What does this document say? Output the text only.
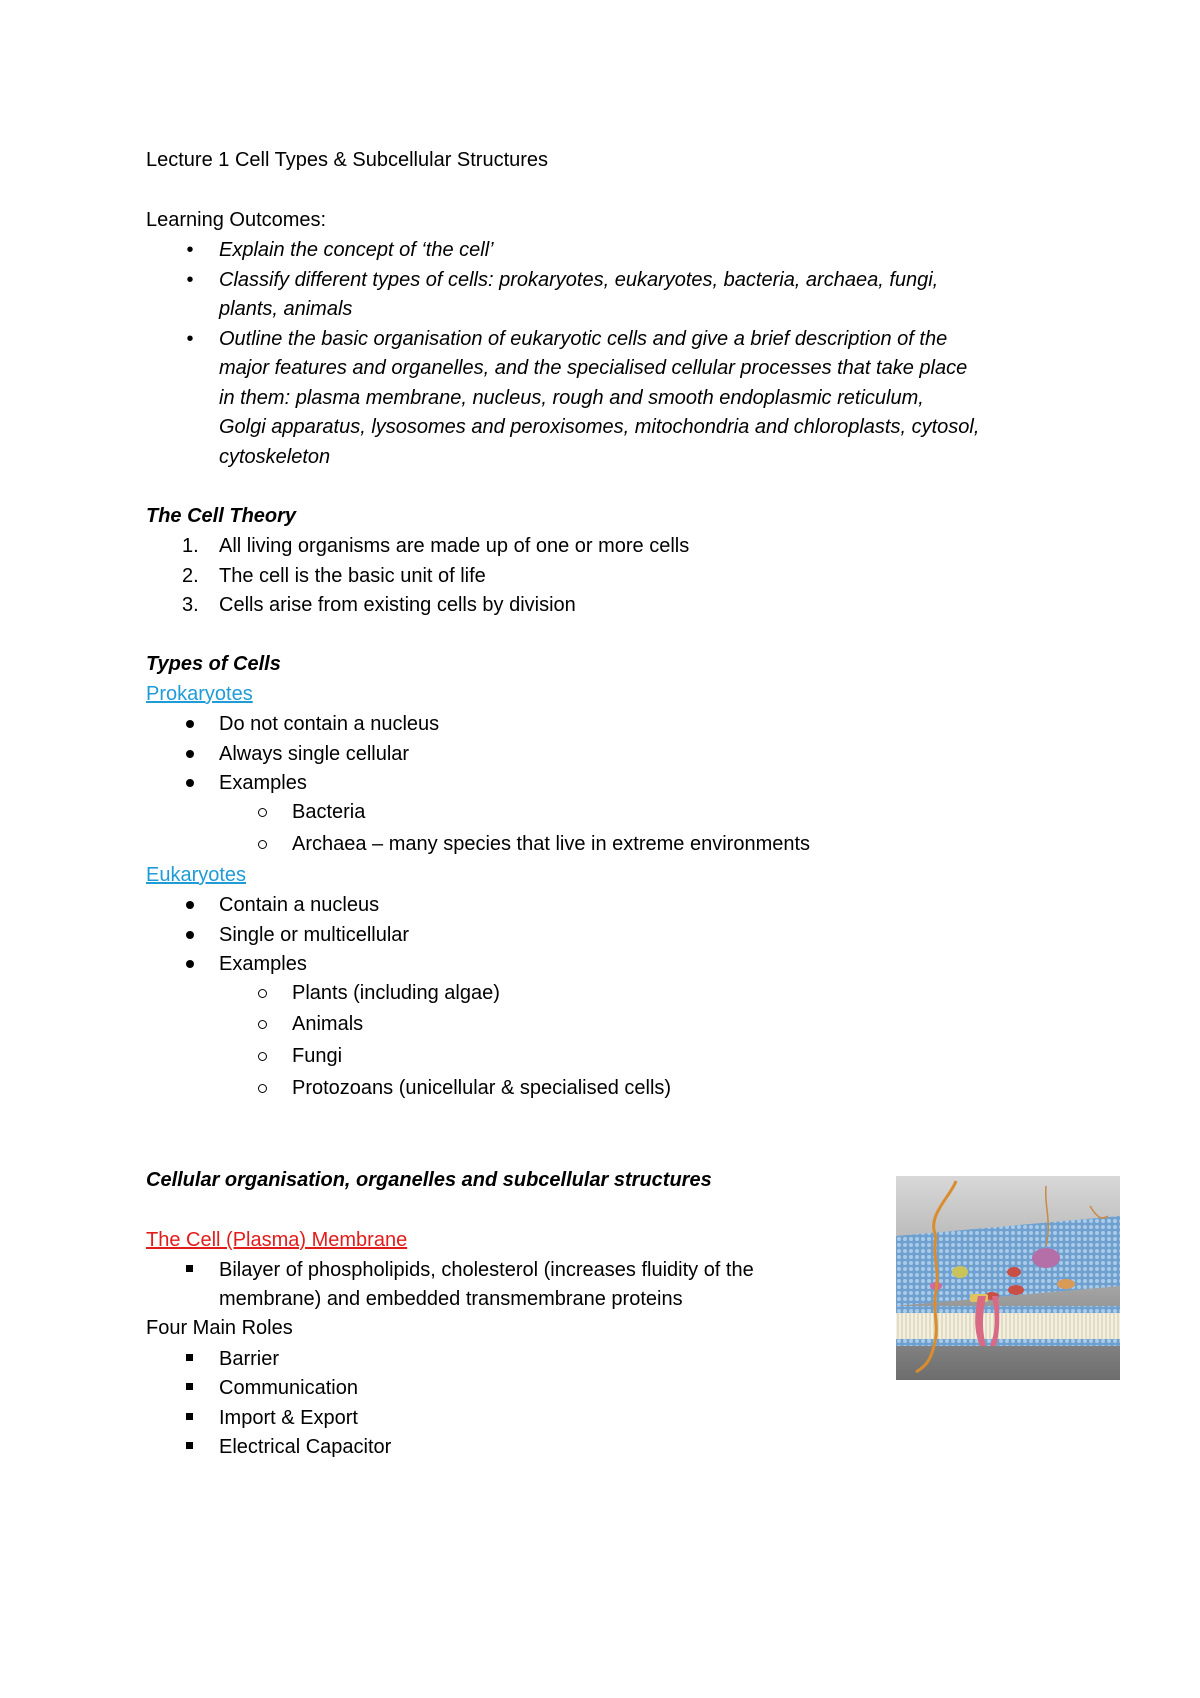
Lecture 1 Cell Types & Subcellular Structures
Learning Outcomes:
•	Explain the concept of ‘the cell’
•	Classify different types of cells: prokaryotes, eukaryotes, bacteria, archaea, fungi,
plants, animals
•	Outline the basic organisation of eukaryotic cells and give a brief description of the
major features and organelles, and the specialised cellular processes that take place
in them: plasma membrane, nucleus, rough and smooth endoplasmic reticulum,
Golgi apparatus, lysosomes and peroxisomes, mitochondria and chloroplasts, cytosol,
cytoskeleton
The Cell Theory
1. All living organisms are made up of one or more cells
2. The cell is the basic unit of life
3. Cells arise from existing cells by division
Types of Cells
Prokaryotes
Do not contain a nucleus
Always single cellular
Examples
Bacteria
Archaea – many species that live in extreme environments
Eukaryotes
Contain a nucleus
Single or multicellular
Examples
Plants (including algae)
Animals
Fungi
Protozoans (unicellular & specialised cells)
Cellular organisation, organelles and subcellular structures
The Cell (Plasma) Membrane
Bilayer of phospholipids, cholesterol (increases fluidity of the
membrane) and embedded transmembrane proteins
Four Main Roles
Barrier
Communication
Import & Export
Electrical Capacitor
